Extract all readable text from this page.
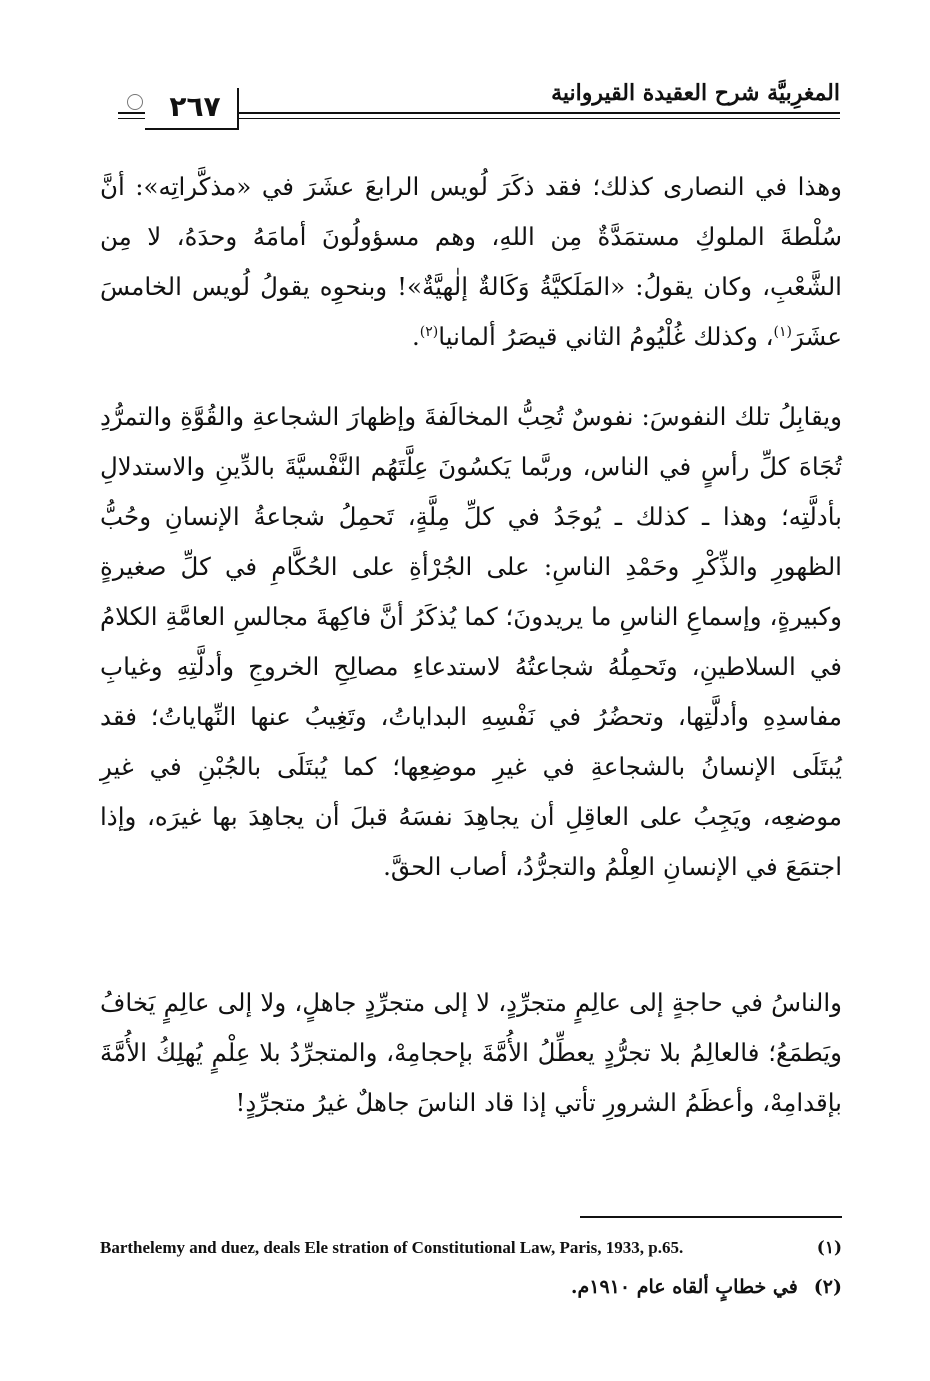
المغرِبيَّة شرح العقيدة القيروانية
٢٦٧
وهذا في النصارى كذلك؛ فقد ذكَرَ لُويس الرابعَ عشَرَ في «مذكَّراتِه»: أنَّ سُلْطةَ الملوكِ مستمَدَّةٌ مِن اللهِ، وهم مسؤولُونَ أمامَهُ وحدَهُ، لا مِن الشَّعْبِ، وكان يقولُ: «المَلَكيَّةُ وَكَالةٌ إلٰهيَّةٌ»! وبنحوِه يقولُ لُويس الخامسَ عشَرَ$^{(١)}$، وكذلك غُلْيُومُ الثاني قيصَرُ ألمانيا$^{(٢)}$.
ويقابِلُ تلك النفوسَ: نفوسٌ تُحِبُّ المخالَفةَ وإظهارَ الشجاعةِ والقُوَّةِ والتمرُّدِ تُجَاهَ كلِّ رأسٍ في الناس، وربَّما يَكسُونَ عِلَّتَهُم النَّفْسيَّةَ بالدِّينِ والاستدلالِ بأدلَّتِه؛ وهذا ـ كذلك ـ يُوجَدُ في كلِّ مِلَّةٍ، تَحمِلُ شجاعةُ الإنسانِ وحُبُّ الظهورِ والذِّكْرِ وحَمْدِ الناسِ: على الجُرْأةِ على الحُكَّامِ في كلِّ صغيرةٍ وكبيرةٍ، وإسماعِ الناسِ ما يريدونَ؛ كما يُذكَرُ أنَّ فاكِهةَ مجالسِ العامَّةِ الكلامُ في السلاطينِ، وتَحمِلُهُ شجاعتُهُ لاستدعاءِ مصالِحِ الخروجِ وأدلَّتِهِ وغيابِ مفاسدِهِ وأدلَّتِها، وتحضُرُ في نَفْسِهِ البداياتُ، وتَغِيبُ عنها النِّهاياتُ؛ فقد يُبتَلَى الإنسانُ بالشجاعةِ في غيرِ موضِعِها؛ كما يُبتَلَى بالجُبْنِ في غيرِ موضعِه، ويَجِبُ على العاقِلِ أن يجاهِدَ نفسَهُ قبلَ أن يجاهِدَ بها غيرَه، وإذا اجتمَعَ في الإنسانِ العِلْمُ والتجرُّدُ، أصاب الحقَّ.
والناسُ في حاجةٍ إلى عالِمٍ متجرِّدٍ، لا إلى متجرِّدٍ جاهلٍ، ولا إلى عالِمٍ يَخافُ ويَطمَعُ؛ فالعالِمُ بلا تجرُّدٍ يعطِّلُ الأُمَّةَ بإحجامِهْ، والمتجرِّدُ بلا عِلْمٍ يُهلِكُ الأُمَّةَ بإقدامِهْ، وأعظَمُ الشرورِ تأتي إذا قاد الناسَ جاهلٌ غيرُ متجرِّدٍ!
Barthelemy and duez, deals Ele stration of Constitutional Law, Paris, 1933, p.65.	(١)
(٢)في خطابٍ ألقاه عام ١٩١٠م.
